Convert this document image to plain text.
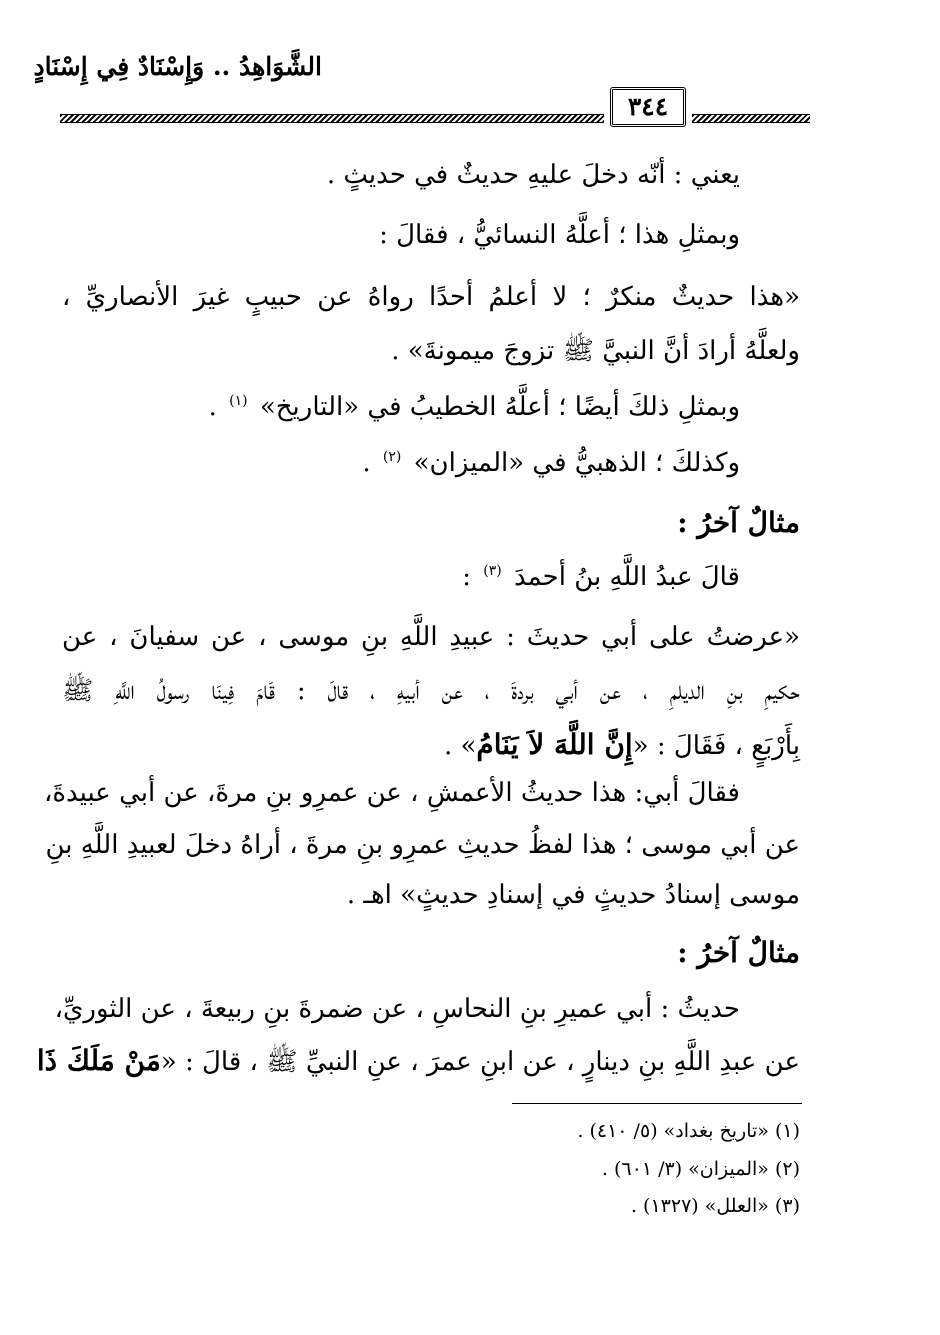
الشَّوَاهِدُ .. وَإِسْنَادٌ فِي إِسْنَادٍ
٣٤٤
يعني : أنّه دخلَ عليهِ حديثٌ في حديثٍ .
وبمثلِ هذا ؛ أعلَّهُ النسائيُّ ، فقالَ :
«هذا حديثٌ منكرٌ ؛ لا أعلمُ أحدًا رواهُ عن حبيبٍ غيرَ الأنصاريِّ ،
ولعلَّهُ أرادَ أنَّ النبيَّ ﷺ تزوجَ ميمونةَ» .
وبمثلِ ذلكَ أيضًا ؛ أعلَّهُ الخطيبُ في «التاريخ» $^{(١)}$ .
وكذلكَ ؛ الذهبيُّ في «الميزان» $^{(٢)}$ .
مثالٌ آخرُ :
قالَ عبدُ اللَّهِ بنُ أحمدَ $^{(٣)}$ :
«عرضتُ على أبي حديثَ : عبيدِ اللَّهِ بنِ موسى ، عن سفيانَ ، عن
حكيمِ بنِ الديلمِ ، عن أبي بردةَ ، عن أبيهِ ، قالَ : قَامَ فِينَا رسولُ اللَّهِ ﷺ
بِأَرْبَعٍ ، فَقَالَ : «إِنَّ اللَّهَ لاَ يَنَامُ» .
فقالَ أبي: هذا حديثُ الأعمشِ ، عن عمرِو بنِ مرةَ، عن أبي عبيدةَ،
عن أبي موسى ؛ هذا لفظُ حديثِ عمرِو بنِ مرةَ ، أراهُ دخلَ لعبيدِ اللَّهِ بنِ
موسى إسنادُ حديثٍ في إسنادِ حديثٍ» اهـ .
مثالٌ آخرُ :
حديثُ : أبي عميرِ بنِ النحاسِ ، عن ضمرةَ بنِ ربيعةَ ، عن الثوريِّ،
عن عبدِ اللَّهِ بنِ دينارٍ ، عن ابنِ عمرَ ، عنِ النبيِّ ﷺ ، قالَ : «مَنْ مَلَكَ ذَا
(١) «تاريخ بغداد» (٥/ ٤١٠) .
(٢) «الميزان» (٣/ ٦٠١) .
(٣) «العلل» (١٣٢٧) .
